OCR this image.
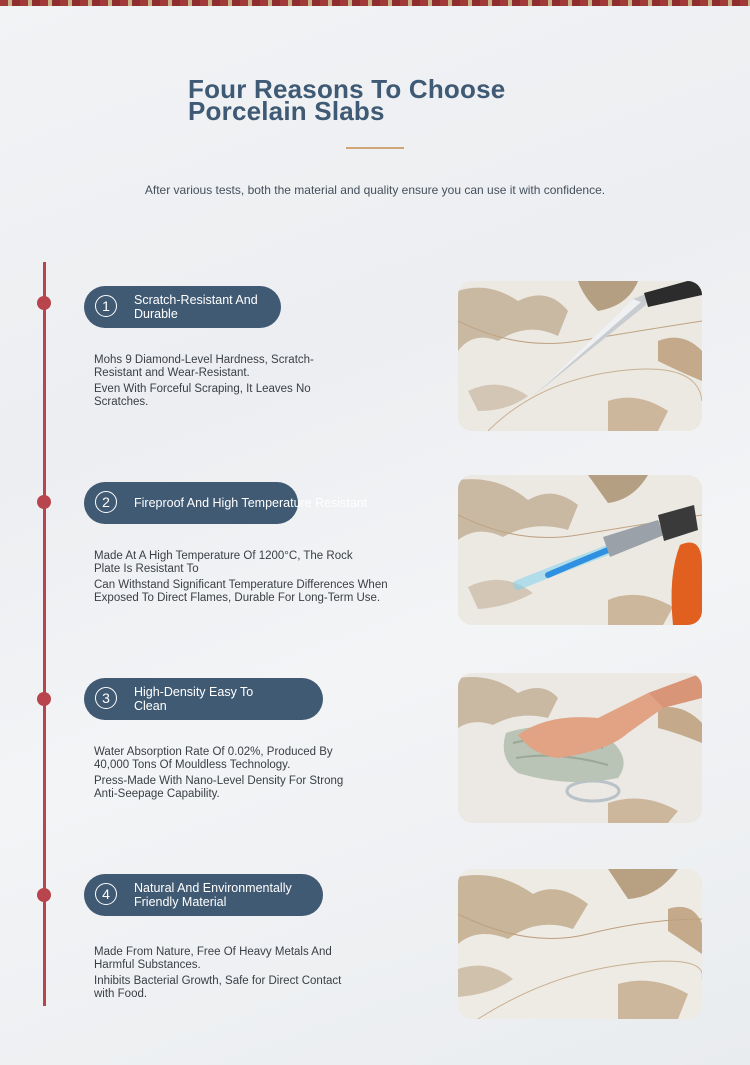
Four Reasons To Choose
Porcelain Slabs
After various tests, both the material and quality ensure you can use it with confidence.
1	Scratch-Resistant And Durable

Mohs 9 Diamond-Level Hardness, Scratch-Resistant and Wear-Resistant.

Even With Forceful Scraping, It Leaves No Scratches.

2	Fireproof And High Temperature Resistant

Made At A High Temperature Of 1200°C, The Rock Plate Is Resistant To

Can Withstand Significant Temperature Differences When Exposed To Direct Flames, Durable For Long-Term Use.

3	High-Density Easy To Clean

Water Absorption Rate Of 0.02%, Produced By 40,000 Tons Of Mouldless Technology.

Press-Made With Nano-Level Density For Strong Anti-Seepage Capability.

4	Natural And Environmentally Friendly Material

Made From Nature, Free Of Heavy Metals And Harmful Substances.

Inhibits Bacterial Growth, Safe for Direct Contact with Food.
